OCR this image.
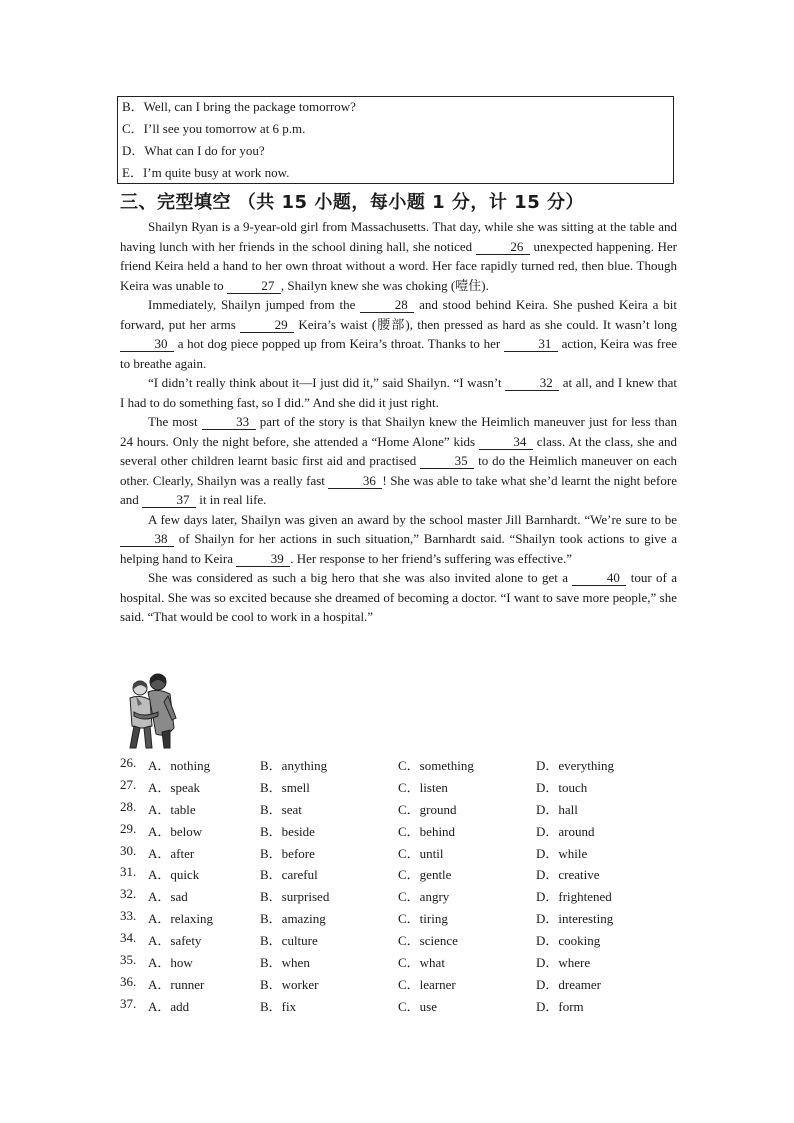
B．Well, can I bring the package tomorrow?
C．I’ll see you tomorrow at 6 p.m.
D．What can I do for you?
E．I’m quite busy at work now.
三、完型填空 （共 15 小题，每小题 1 分，计 15 分）

Shailyn Ryan is a 9-year-old girl from Massachusetts. That day, while she was sitting at the table and having lunch with her friends in the school dining hall, she noticed	26 unexpected happening. Her friend Keira held a hand to her own throat without a word. Her face rapidly turned red, then blue. Though Keira was unable to	27 , Shailyn knew she was choking (噎住).

Immediately, Shailyn jumped from the	28 and stood behind Keira. She pushed Keira a bit forward, put her arms	29 Keira’s waist (腰部), then pressed as hard as she could. It wasn’t long 30 a hot dog piece popped up from Keira’s throat. Thanks to her	31 action, Keira was free to breathe again.

“I didn’t really think about it—I just did it,” said Shailyn. “I wasn’t	32 at all, and I knew that I had to do something fast, so I did.” And she did it just right.

The most	33 part of the story is that Shailyn knew the Heimlich maneuver just for less than 24 hours. Only the night before, she attended a “Home Alone” kids	34 class. At the class, she and several other children learnt basic first aid and practised	35 to do the Heimlich maneuver on each other. Clearly, Shailyn was a really fast	36 ! She was able to take what she’d learnt the night before and	37 it in real life.

A few days later, Shailyn was given an award by the school master Jill Barnhardt. “We’re sure to be 38 of Shailyn for her actions in such situation,” Barnhardt said. “Shailyn took actions to give a helping hand to Keira	39 . Her response to her friend’s suffering was effective.”

She was considered as such a big hero that she was also invited alone to get a	40 tour of a hospital. She was so excited because she dreamed of becoming a doctor. “I want to save more people,” she said. “That would be cool to work in a hospital.”

26. A．nothing	B．anything	C．something	D．everything
27. A．speak	B．smell	C．listen	D．touch
28. A．table	B．seat	C．ground	D．hall
29. A．below	B．beside	C．behind	D．around
30. A．after	B．before	C．until	D．while
31. A．quick	B．careful	C．gentle	D．creative
32. A．sad	B．surprised	C．angry	D．frightened
33. A．relaxing	B．amazing	C．tiring	D．interesting
34. A．safety	B．culture	C．science	D．cooking
35. A．how	B．when	C．what	D．where
36. A．runner	B．worker	C．learner	D．dreamer
37. A．add	B．fix	C．use	D．form
